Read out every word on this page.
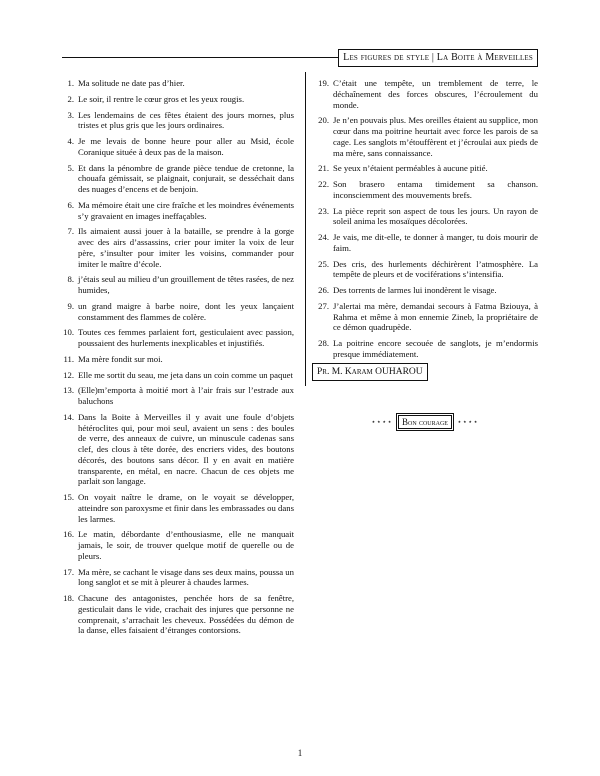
Les figures de style | La Boite à Merveilles
1. Ma solitude ne date pas d’hier.
2. Le soir, il rentre le cœur gros et les yeux rougis.
3. Les lendemains de ces fêtes étaient des jours mornes, plus tristes et plus gris que les jours ordinaires.
4. Je me levais de bonne heure pour aller au Msid, école Coranique située à deux pas de la maison.
5. Et dans la pénombre de grande pièce tendue de cretonne, la chouafa gémissait, se plaignait, conjurait, se desséchait dans des nuages d’encens et de benjoin.
6. Ma mémoire était une cire fraîche et les moindres événements s’y gravaient en images ineffaçables.
7. Ils aimaient aussi jouer à la bataille, se prendre à la gorge avec des airs d’assassins, crier pour imiter la voix de leur père, s’insulter pour imiter les voisins, commander pour imiter le maître d’école.
8. j’étais seul au milieu d’un grouillement de têtes rasées, de nez humides,
9. un grand maigre à barbe noire, dont les yeux lançaient constamment des flammes de colère.
10. Toutes ces femmes parlaient fort, gesticulaient avec passion, poussaient des hurlements inexplicables et injustifiés.
11. Ma mère fondit sur moi.
12. Elle me sortit du seau, me jeta dans un coin comme un paquet
13. (Elle)m’emporta à moitié mort à l’air frais sur l’estrade aux baluchons
14. Dans la Boite à Merveilles il y avait une foule d’objets hétéroclites qui, pour moi seul, avaient un sens : des boules de verre, des anneaux de cuivre, un minuscule cadenas sans clef, des clous à tête dorée, des encriers vides, des boutons décorés, des boutons sans décor. Il y en avait en matière transparente, en métal, en nacre. Chacun de ces objets me parlait son langage.
15. On voyait naître le drame, on le voyait se développer, atteindre son paroxysme et finir dans les embrassades ou dans les larmes.
16. Le matin, débordante d’enthousiasme, elle ne manquait jamais, le soir, de trouver quelque motif de querelle ou de pleurs.
17. Ma mère, se cachant le visage dans ses deux mains, poussa un long sanglot et se mit à pleurer à chaudes larmes.
18. Chacune des antagonistes, penchée hors de sa fenêtre, gesticulait dans le vide, crachait des injures que personne ne comprenait, s’arrachait les cheveux. Possédées du démon de la danse, elles faisaient d’étranges contorsions.
19. C’était une tempête, un tremblement de terre, le déchaînement des forces obscures, l’écroulement du monde.
20. Je n’en pouvais plus. Mes oreilles étaient au supplice, mon cœur dans ma poitrine heurtait avec force les parois de sa cage. Les sanglots m’étouffèrent et j’écroulai aux pieds de ma mère, sans connaissance.
21. Se yeux n’étaient perméables à aucune pitié.
22. Son brasero entama timidement sa chanson. inconsciemment des mouvements brefs.
23. La pièce reprit son aspect de tous les jours. Un rayon de soleil anima les mosaïques décolorées.
24. Je vais, me dit-elle, te donner à manger, tu dois mourir de faim.
25. Des cris, des hurlements déchirèrent l’atmosphère. La tempête de pleurs et de vociférations s’intensifia.
26. Des torrents de larmes lui inondèrent le visage.
27. J’alertai ma mère, demandai secours à Fatma Bziouya, à Rahma et même à mon ennemie Zineb, la propriétaire de ce démon quadrupède.
28. La poitrine encore secouée de sanglots, je m’endormis presque immédiatement.
Pr. M. Karam OUHAROU
⋆⋆⋆⋆ Bon courage ⋆⋆⋆⋆
1
